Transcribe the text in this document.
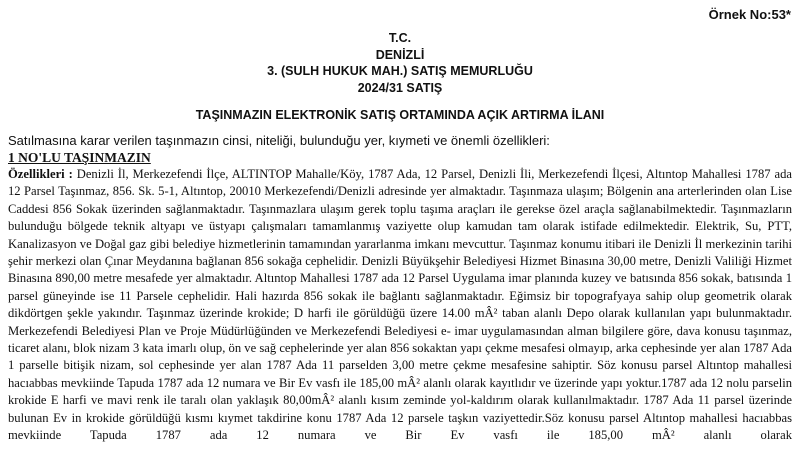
Örnek No:53*
T.C.
DENİZLİ
3. (SULH HUKUK MAH.) SATIŞ MEMURLUĞU
2024/31 SATIŞ
TAŞINMAZIN ELEKTRONİK SATIŞ ORTAMINDA AÇIK ARTIRMA İLANI
Satılmasına karar verilen taşınmazın cinsi, niteliği, bulunduğu yer, kıymeti ve önemli özellikleri:
1 NO'LU TAŞINMAZIN
Özellikleri : Denizli İl, Merkezefendi İlçe, ALTINTOP Mahalle/Köy, 1787 Ada, 12 Parsel, Denizli İli, Merkezefendi İlçesi, Altıntop Mahallesi 1787 ada 12 Parsel Taşınmaz, 856. Sk. 5-1, Altıntop, 20010 Merkezefendi/Denizli adresinde yer almaktadır. Taşınmaza ulaşım; Bölgenin ana arterlerinden olan Lise Caddesi 856 Sokak üzerinden sağlanmaktadır. Taşınmazlara ulaşım gerek toplu taşıma araçları ile gerekse özel araçla sağlanabilmektedir. Taşınmazların bulunduğu bölgede teknik altyapı ve üstyapı çalışmaları tamamlanmış vaziyette olup kamudan tam olarak istifade edilmektedir. Elektrik, Su, PTT, Kanalizasyon ve Doğal gaz gibi belediye hizmetlerinin tamamından yararlanma imkanı mevcuttur. Taşınmaz konumu itibari ile Denizli İl merkezinin tarihi şehir merkezi olan Çınar Meydanına bağlanan 856 sokağa cephelidir. Denizli Büyükşehir Belediyesi Hizmet Binasına 30,00 metre, Denizli Valiliği Hizmet Binasına 890,00 metre mesafede yer almaktadır. Altıntop Mahallesi 1787 ada 12 Parsel Uygulama imar planında kuzey ve batısında 856 sokak, batısında 1 parsel güneyinde ise 11 Parsele cephelidir. Hali hazırda 856 sokak ile bağlantı sağlanmaktadır. Eğimsiz bir topografyaya sahip olup geometrik olarak dikdörtgen şekle yakındır. Taşınmaz üzerinde krokide; D harfi ile görüldüğü üzere 14.00 mÂ² taban alanlı Depo olarak kullanılan yapı bulunmaktadır. Merkezefendi Belediyesi Plan ve Proje Müdürlüğünden ve Merkezefendi Belediyesi e- imar uygulamasından alman bilgilere göre, dava konusu taşınmaz, ticaret alanı, blok nizam 3 kata imarlı olup, ön ve sağ cephelerinde yer alan 856 sokaktan yapı çekme mesafesi olmayıp, arka cephesinde yer alan 1787 Ada 1 parselle bitişik nizam, sol cephesinde yer alan 1787 Ada 11 parselden 3,00 metre çekme mesafesine sahiptir. Söz konusu parsel Altıntop mahallesi hacıabbas mevkiinde Tapuda 1787 ada 12 numara ve Bir Ev vasfı ile 185,00 mÂ² alanlı olarak kayıtlıdır ve üzerinde yapı yoktur.1787 ada 12 nolu parselin krokide E harfi ve mavi renk ile taralı olan yaklaşık 80,00mÂ² alanlı kısım zeminde yol-kaldırım olarak kullanılmaktadır. 1787 Ada 11 parsel üzerinde bulunan Ev in krokide görüldüğü kısmı kıymet takdirine konu 1787 Ada 12 parsele taşkın vaziyettedir.Söz konusu parsel Altıntop mahallesi hacıabbas mevkiinde Tapuda 1787 ada 12 numara ve Bir Ev vasfı ile 185,00 mÂ² alanlı olarak
